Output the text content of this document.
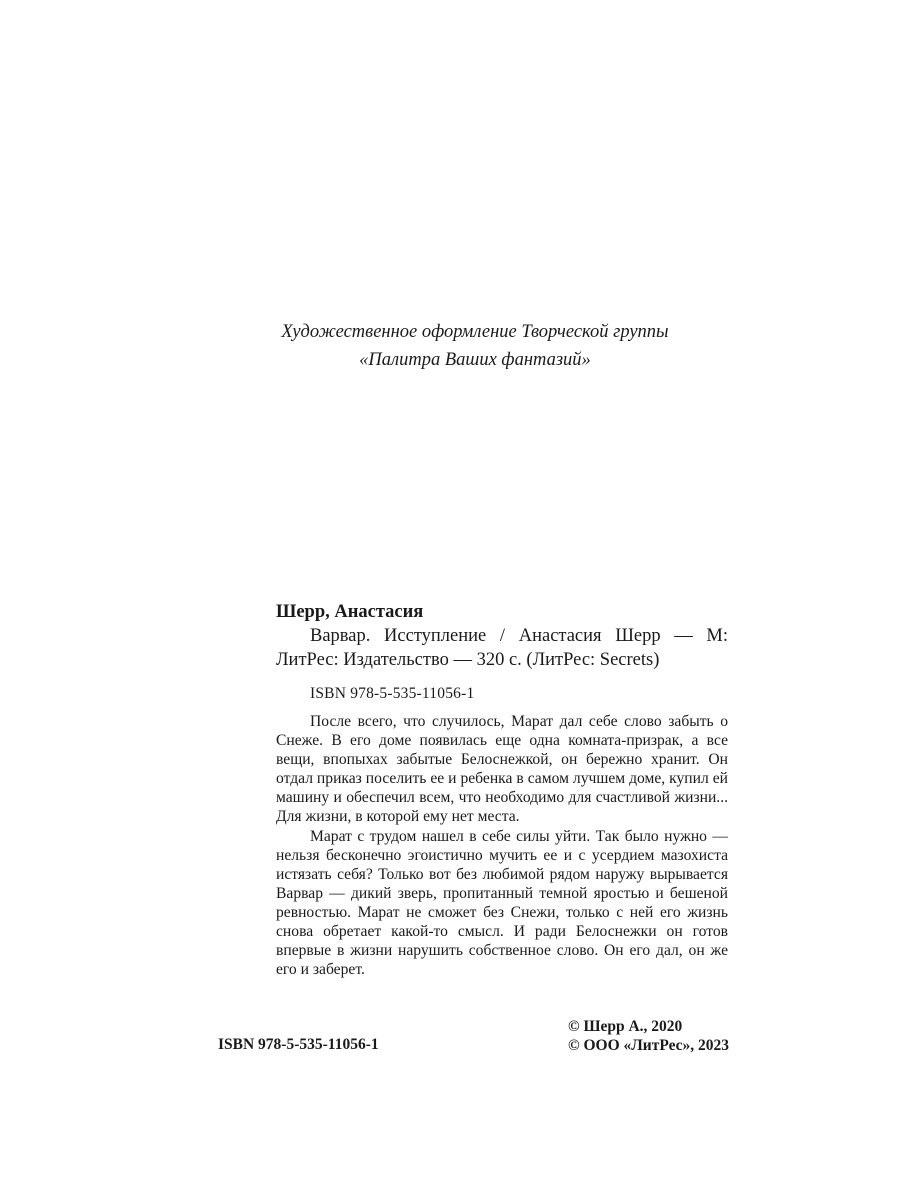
Художественное оформление Творческой группы
«Палитра Ваших фантазий»

Шерр, Анастасия

Варвар. Исступление / Анастасия Шерр — М: ЛитРес: Издательство — 320 с. (ЛитРес: Secrets)

ISBN 978-5-535-11056-1

После всего, что случилось, Марат дал себе слово забыть о Снеже. В его доме появилась еще одна комната-призрак, а все вещи, впопыхах забытые Белоснежкой, он бережно хранит. Он отдал приказ поселить ее и ребенка в самом лучшем доме, купил ей машину и обеспечил всем, что необходимо для счастливой жизни... Для жизни, в которой ему нет места.

Марат с трудом нашел в себе силы уйти. Так было нужно — нельзя бесконечно эгоистично мучить ее и с усердием мазохиста истязать себя? Только вот без любимой рядом наружу вырывается Варвар — дикий зверь, пропитанный темной яростью и бешеной ревностью. Марат не сможет без Снежи, только с ней его жизнь снова обретает какой-то смысл. И ради Белоснежки он готов впервые в жизни нарушить собственное слово. Он его дал, он же его и заберет.

ISBN 978-5-535-11056-1
© Шерр А., 2020
© ООО «ЛитРес», 2023
